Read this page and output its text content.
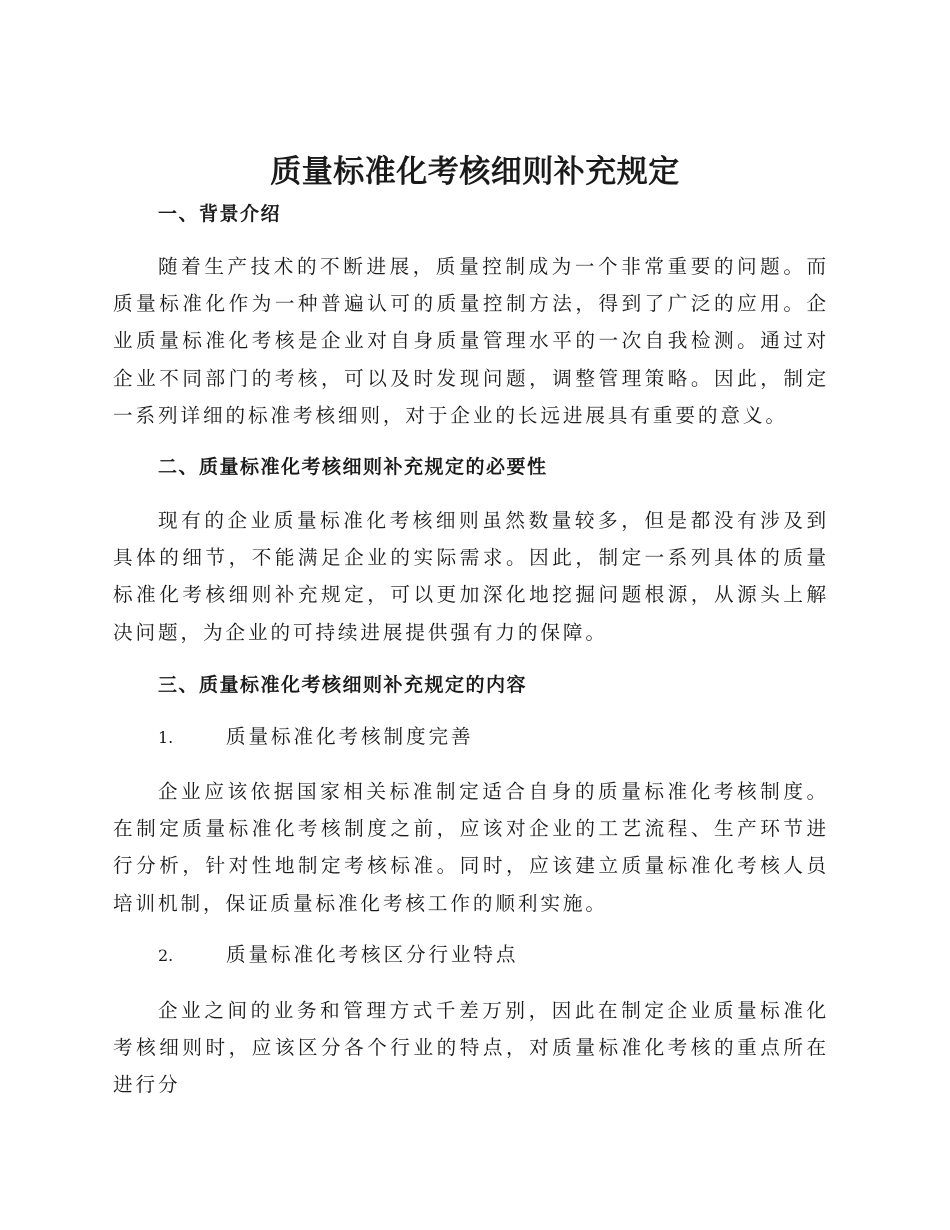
质量标准化考核细则补充规定
一、背景介绍
随着生产技术的不断进展，质量控制成为一个非常重要的问题。而质量标准化作为一种普遍认可的质量控制方法，得到了广泛的应用。企业质量标准化考核是企业对自身质量管理水平的一次自我检测。通过对企业不同部门的考核，可以及时发现问题，调整管理策略。因此，制定一系列详细的标准考核细则，对于企业的长远进展具有重要的意义。
二、质量标准化考核细则补充规定的必要性
现有的企业质量标准化考核细则虽然数量较多，但是都没有涉及到具体的细节，不能满足企业的实际需求。因此，制定一系列具体的质量标准化考核细则补充规定，可以更加深化地挖掘问题根源，从源头上解决问题，为企业的可持续进展提供强有力的保障。
三、质量标准化考核细则补充规定的内容
1.	质量标准化考核制度完善
企业应该依据国家相关标准制定适合自身的质量标准化考核制度。在制定质量标准化考核制度之前，应该对企业的工艺流程、生产环节进行分析，针对性地制定考核标准。同时，应该建立质量标准化考核人员培训机制，保证质量标准化考核工作的顺利实施。
2.	质量标准化考核区分行业特点
企业之间的业务和管理方式千差万别，因此在制定企业质量标准化考核细则时，应该区分各个行业的特点，对质量标准化考核的重点所在进行分
